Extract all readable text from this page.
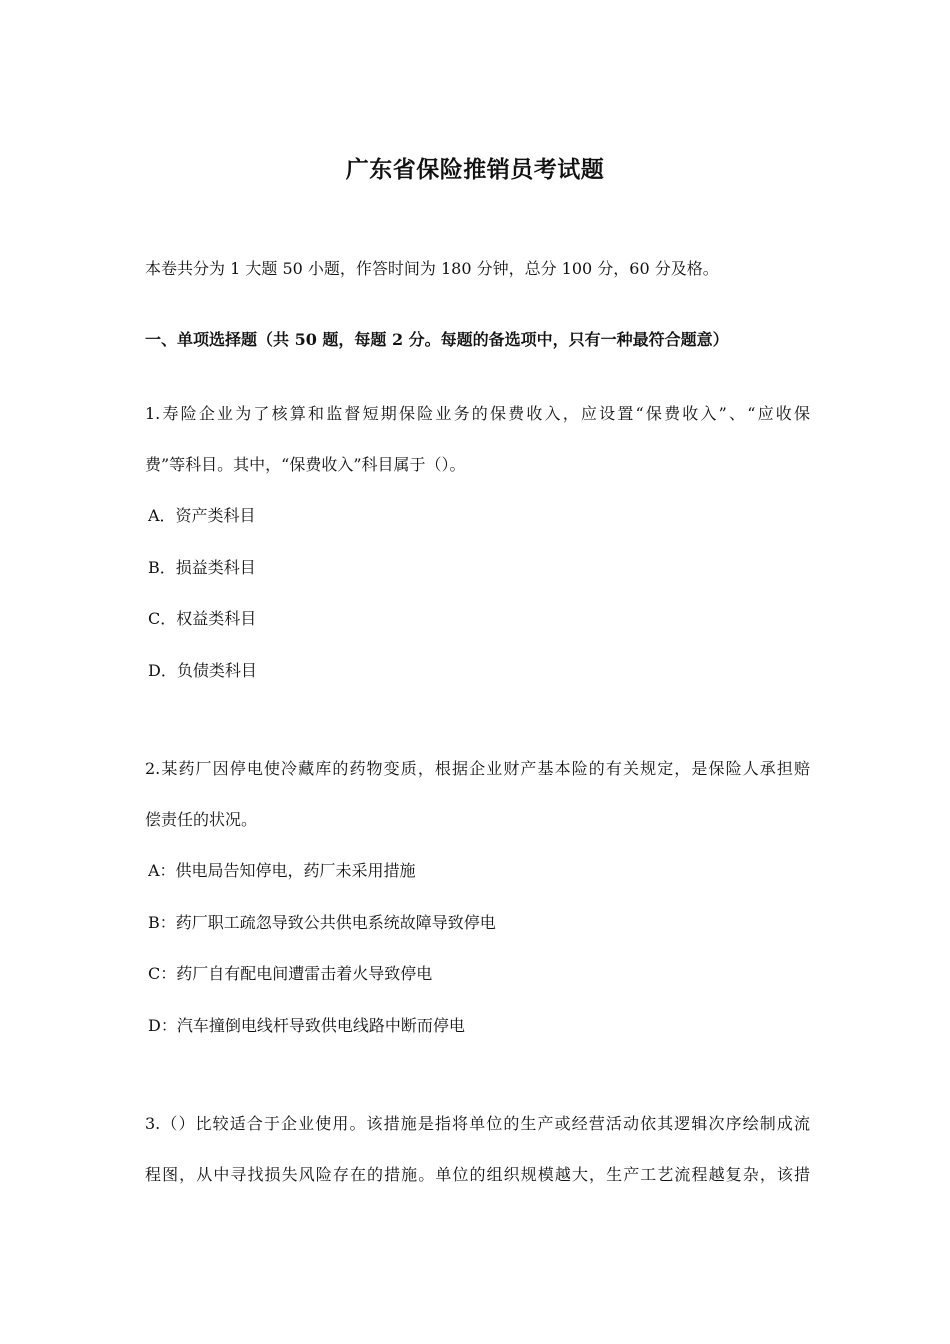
广东省保险推销员考试题
本卷共分为 1 大题 50 小题，作答时间为 180 分钟，总分 100 分，60 分及格。
一、单项选择题（共 50 题，每题 2 分。每题的备选项中，只有一种最符合题意）
1.寿险企业为了核算和监督短期保险业务的保费收入，应设置“保费收入”、“应收保
费”等科目。其中，“保费收入”科目属于（）。
A．资产类科目
B．损益类科目
C．权益类科目
D．负债类科目
2.某药厂因停电使冷藏库的药物变质，根据企业财产基本险的有关规定，是保险人承担赔
偿责任的状况。
A：供电局告知停电，药厂未采用措施
B：药厂职工疏忽导致公共供电系统故障导致停电
C：药厂自有配电间遭雷击着火导致停电
D：汽车撞倒电线杆导致供电线路中断而停电
3.（）比较适合于企业使用。该措施是指将单位的生产或经营活动依其逻辑次序绘制成流
程图，从中寻找损失风险存在的措施。单位的组织规模越大，生产工艺流程越复杂，该措
